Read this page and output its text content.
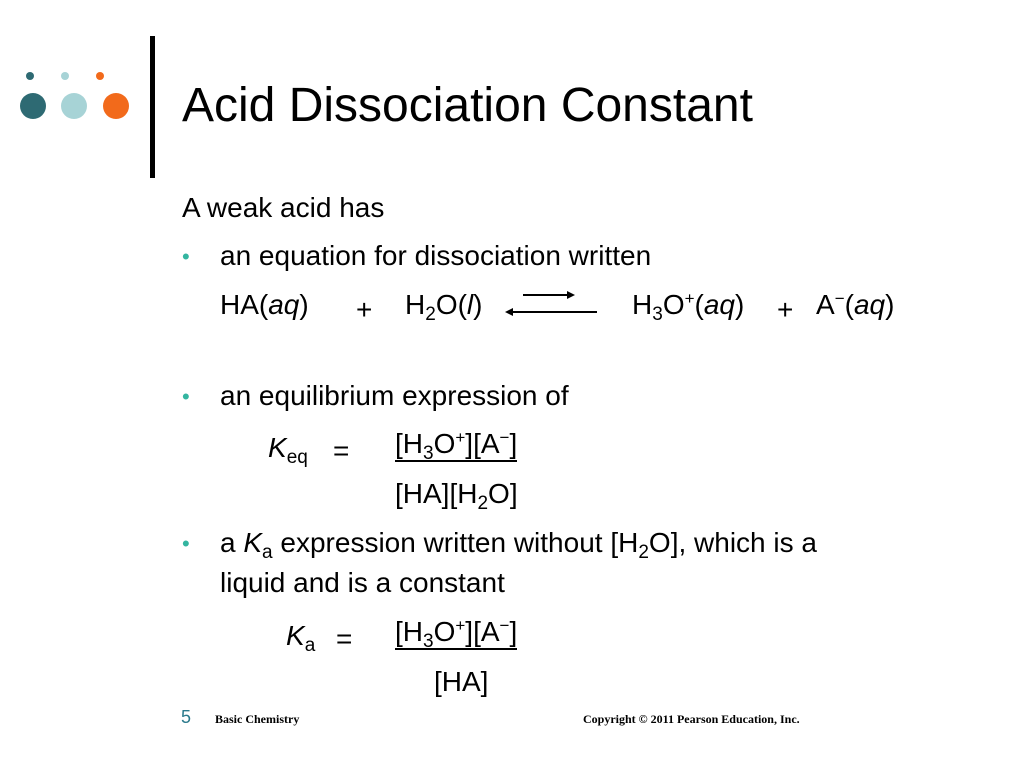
Acid Dissociation Constant
A weak acid has
• an equation for dissociation written
$HA(aq) + H_2O(l)$	$H_3O^+(aq) + A^-(aq)$
• an equilibrium expression of
$K_{eq} = [H_3O^+][A^-]$
$[HA][H_2O]$
• a $K_a$ expression written without $[H_2O]$, which is a
liquid and is a constant
$K_a = [H_3O^+][A^-]$
[HA]
5 Basic Chemistry	Copyright © 2011 Pearson Education, Inc.
